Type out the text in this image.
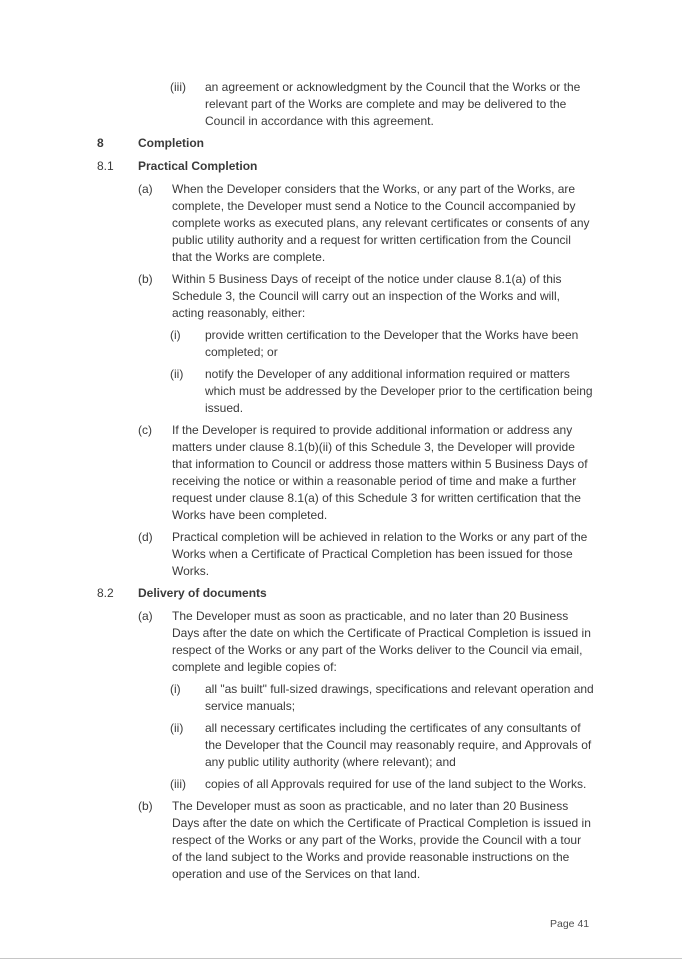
(iii)	an agreement or acknowledgment by the Council that the Works or the relevant part of the Works are complete and may be delivered to the Council in accordance with this agreement.
8	Completion
8.1	Practical Completion
(a)	When the Developer considers that the Works, or any part of the Works, are complete, the Developer must send a Notice to the Council accompanied by complete works as executed plans, any relevant certificates or consents of any public utility authority and a request for written certification from the Council that the Works are complete.
(b)	Within 5 Business Days of receipt of the notice under clause 8.1(a) of this Schedule 3, the Council will carry out an inspection of the Works and will, acting reasonably, either:
(i)	provide written certification to the Developer that the Works have been completed; or
(ii)	notify the Developer of any additional information required or matters which must be addressed by the Developer prior to the certification being issued.
(c)	If the Developer is required to provide additional information or address any matters under clause 8.1(b)(ii) of this Schedule 3, the Developer will provide that information to Council or address those matters within 5 Business Days of receiving the notice or within a reasonable period of time and make a further request under clause 8.1(a) of this Schedule 3 for written certification that the Works have been completed.
(d)	Practical completion will be achieved in relation to the Works or any part of the Works when a Certificate of Practical Completion has been issued for those Works.
8.2	Delivery of documents
(a)	The Developer must as soon as practicable, and no later than 20 Business Days after the date on which the Certificate of Practical Completion is issued in respect of the Works or any part of the Works deliver to the Council via email, complete and legible copies of:
(i)	all "as built" full-sized drawings, specifications and relevant operation and service manuals;
(ii)	all necessary certificates including the certificates of any consultants of the Developer that the Council may reasonably require, and Approvals of any public utility authority (where relevant); and
(iii)	copies of all Approvals required for use of the land subject to the Works.
(b)	The Developer must as soon as practicable, and no later than 20 Business Days after the date on which the Certificate of Practical Completion is issued in respect of the Works or any part of the Works, provide the Council with a tour of the land subject to the Works and provide reasonable instructions on the operation and use of the Services on that land.
Page 41
